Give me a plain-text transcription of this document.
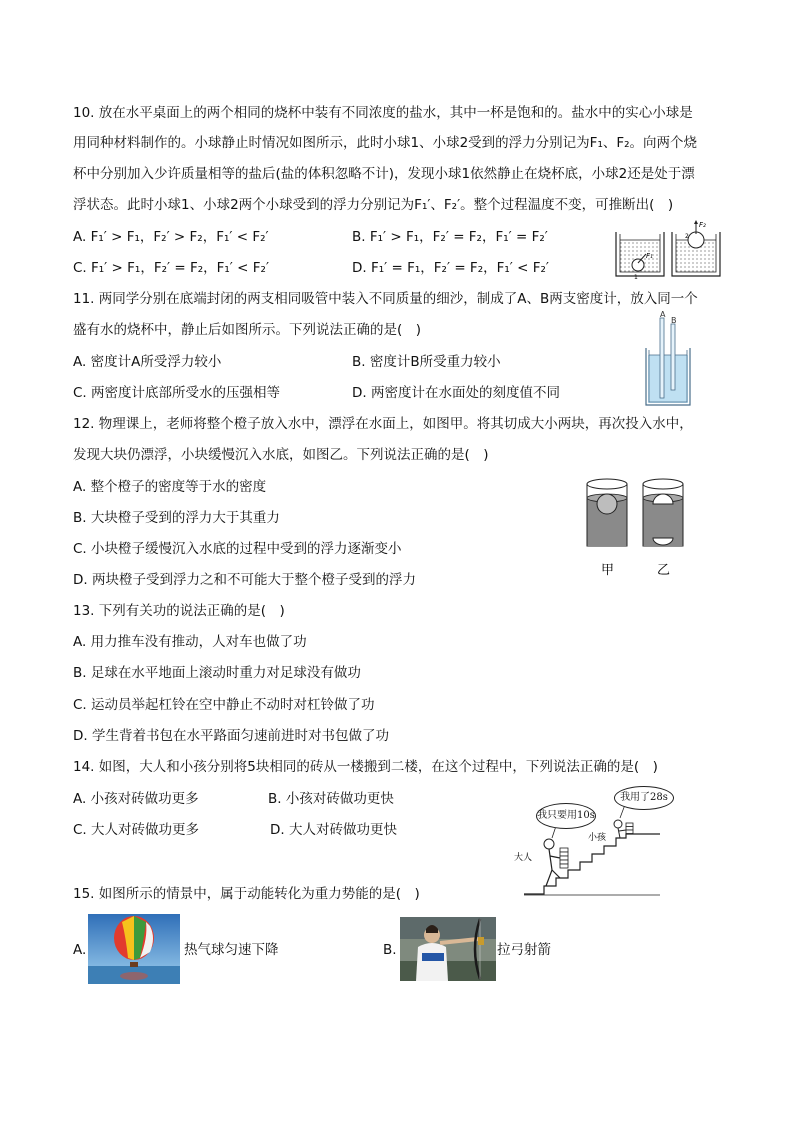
10. 放在水平桌面上的两个相同的烧杯中装有不同浓度的盐水，其中一杯是饱和的。盐水中的实心小球是
用同种材料制作的。小球静止时情况如图所示，此时小球1、小球2受到的浮力分别记为F₁、F₂。向两个烧
杯中分别加入少许质量相等的盐后(盐的体积忽略不计)，发现小球1依然静止在烧杯底，小球2还是处于漂
浮状态。此时小球1、小球2两个小球受到的浮力分别记为F₁′、F₂′。整个过程温度不变，可推断出(　)
A. F₁′ > F₁，F₂′ > F₂，F₁′ < F₂′	B. F₁′ > F₁，F₂′ = F₂，F₁′ = F₂′
C. F₁′ > F₁，F₂′ = F₂，F₁′ < F₂′	D. F₁′ = F₁，F₂′ = F₂，F₁′ < F₂′
F₁
1
F₂
2
11. 两同学分别在底端封闭的两支相同吸管中装入不同质量的细沙，制成了A、B两支密度计，放入同一个
盛有水的烧杯中，静止后如图所示。下列说法正确的是(　)
A. 密度计A所受浮力较小	B. 密度计B所受重力较小
C. 两密度计底部所受水的压强相等	D. 两密度计在水面处的刻度值不同
A
B
12. 物理课上，老师将整个橙子放入水中，漂浮在水面上，如图甲。将其切成大小两块，再次投入水中，
发现大块仍漂浮，小块缓慢沉入水底，如图乙。下列说法正确的是(　)
A. 整个橙子的密度等于水的密度
B. 大块橙子受到的浮力大于其重力
C. 小块橙子缓慢沉入水底的过程中受到的浮力逐渐变小
D. 两块橙子受到浮力之和不可能大于整个橙子受到的浮力
甲	乙
13. 下列有关功的说法正确的是(　)
A. 用力推车没有推动，人对车也做了功
B. 足球在水平地面上滚动时重力对足球没有做功
C. 运动员举起杠铃在空中静止不动时对杠铃做了功
D. 学生背着书包在水平路面匀速前进时对书包做了功
14. 如图，大人和小孩分别将5块相同的砖从一楼搬到二楼，在这个过程中，下列说法正确的是(　)
A. 小孩对砖做功更多	B. 小孩对砖做功更快
C. 大人对砖做功更多	D. 大人对砖做功更快
大人
小孩
我只要用10s
我用了28s
15. 如图所示的情景中，属于动能转化为重力势能的是(　)
A.	热气球匀速下降	B.	拉弓射箭
